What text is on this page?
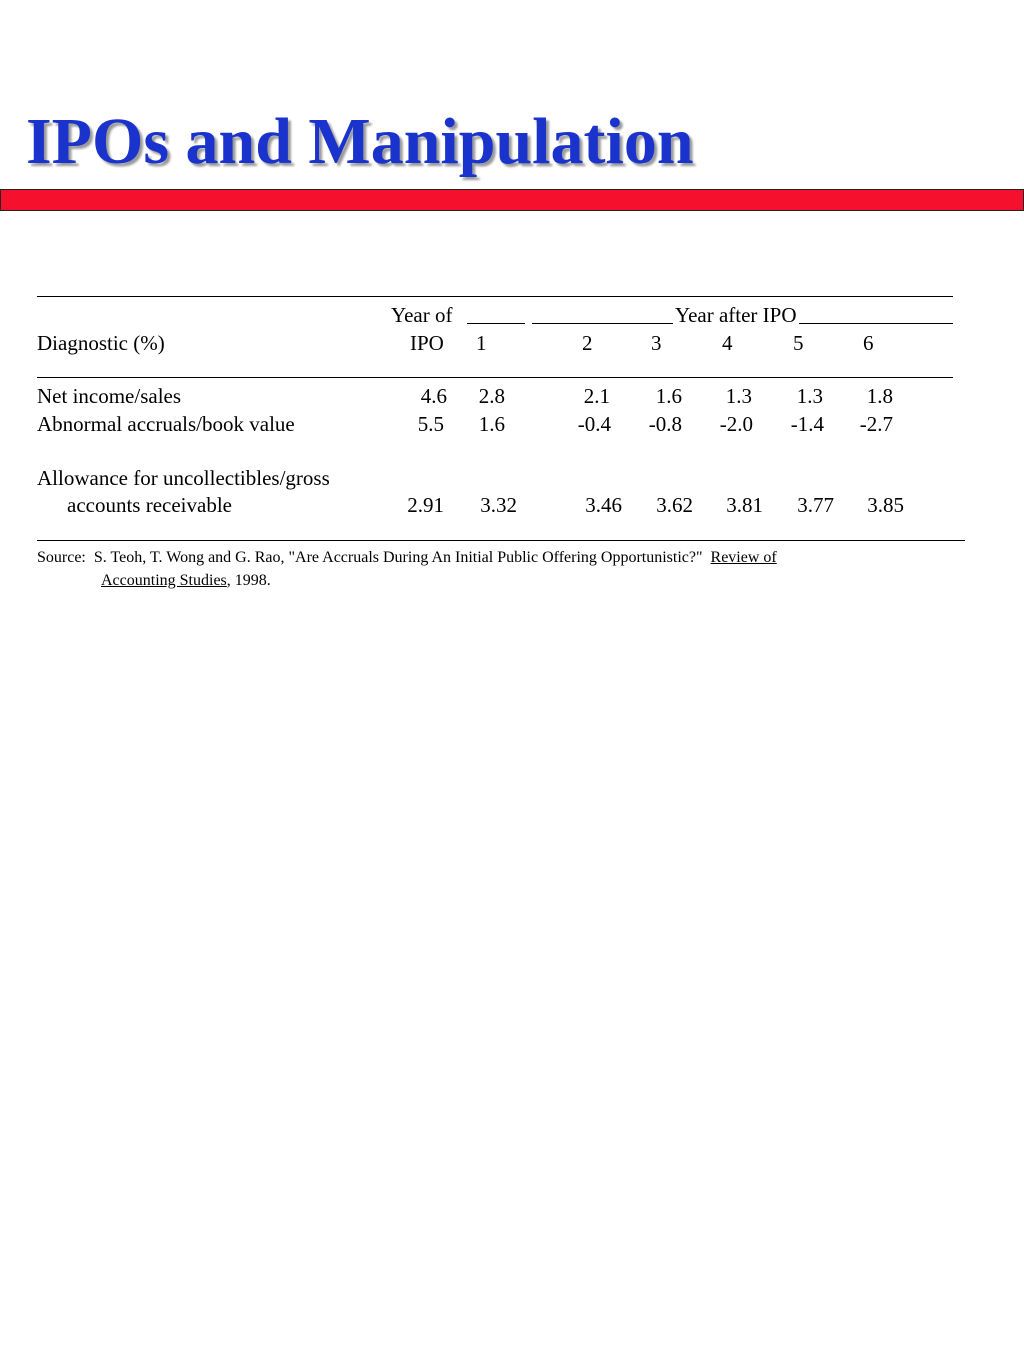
IPOs and Manipulation
Year of	Year after IPO
Diagnostic (%)	IPO 1	2	3	4	5	6
Net income/sales	4.6	2.8	2.1	1.6	1.3	1.3	1.8
Abnormal accruals/book value	5.5	1.6	-0.4	-0.8	-2.0	-1.4	-2.7
Allowance for uncollectibles/gross
accounts receivable	2.91	3.32	3.46	3.62	3.81	3.77	3.85
Source:  S. Teoh, T. Wong and G. Rao, "Are Accruals During An Initial Public Offering Opportunistic?"  Review of
Accounting Studies, 1998.
